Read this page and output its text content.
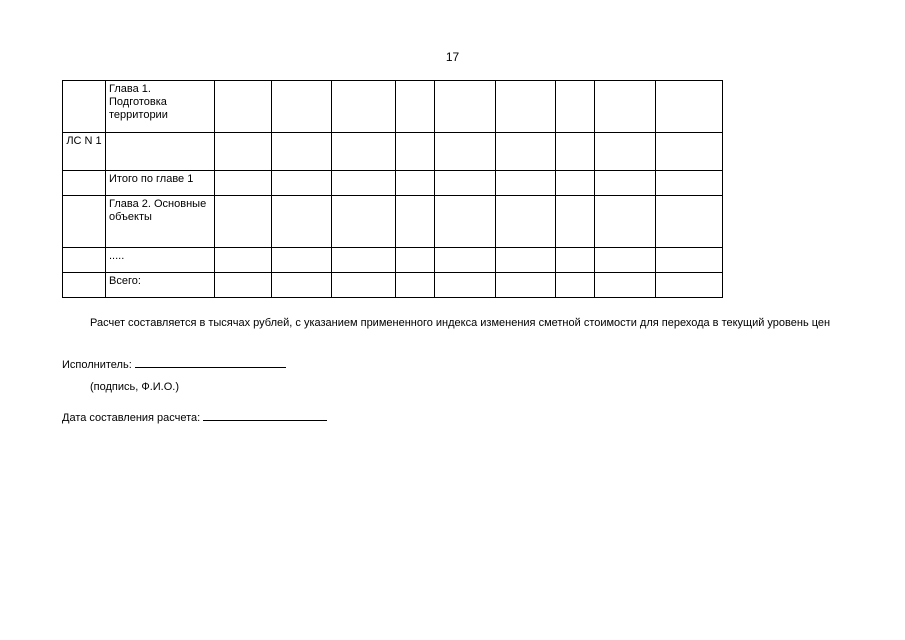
17
	Глава 1. Подготовка территории									
ЛС N 1										
	Итого по главе 1									
	Глава 2. Основные объекты									
	.....									
	Всего:									
Расчет составляется в тысячах рублей, с указанием примененного индекса изменения сметной стоимости для перехода в текущий уровень цен
Исполнитель:
(подпись, Ф.И.О.)
Дата составления расчета:
